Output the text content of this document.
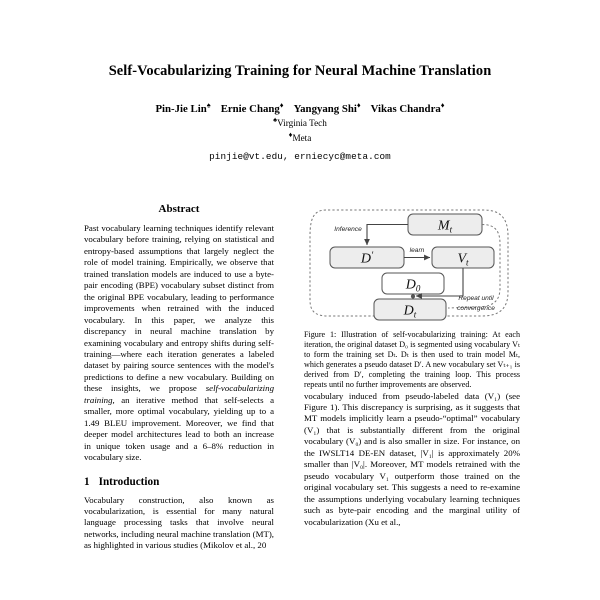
Self-Vocabularizing Training for Neural Machine Translation
Pin-Jie Lin♠ Ernie Chang♦ Yangyang Shi♦ Vikas Chandra♦
♠Virginia Tech
♦Meta
pinjie@vt.edu, erniecyc@meta.com
Abstract

Past vocabulary learning techniques identify relevant vocabulary before training, relying on statistical and entropy-based assumptions that largely neglect the role of model training. Empirically, we observe that trained translation models are induced to use a byte-pair encoding (BPE) vocabulary subset distinct from the original BPE vocabulary, leading to performance improvements when retrained with the induced vocabulary. In this paper, we analyze this discrepancy in neural machine translation by examining vocabulary and entropy shifts during self-training—where each iteration generates a labeled dataset by pairing source sentences with the model's predictions to define a new vocabulary. Building on these insights, we propose self-vocabularizing training, an iterative method that self-selects a smaller, more optimal vocabulary, yielding up to a 1.49 BLEU improvement. Moreover, we find that deeper model architectures lead to both an increase in unique token usage and a 6–8% reduction in vocabulary size.

1 Introduction

Vocabulary construction, also known as vocabularization, is essential for many natural language processing tasks that involve neural networks, including neural machine translation (MT), as highlighted in various studies (Mikolov et al., 20

$M_t$
D′	$V_t$
$D_0$
$D_t$
Inference
learn
Repeat until
convergence

Figure 1: Illustration of self-vocabularizing training: At each iteration, the original dataset D₀ is segmented using vocabulary Vₜ to form the training set Dₜ. Dₜ is then used to train model Mₜ, which generates a pseudo dataset D′. A new vocabulary set Vₜ₊₁ is derived from D′, completing the training loop. This process repeats until no further improvements are observed.

vocabulary induced from pseudo-labeled data (V₁) (see Figure 1). This discrepancy is surprising, as it suggests that MT models implicitly learn a pseudo-“optimal” vocabulary (V₁) that is substantially different from the original vocabulary (V₀) and is also smaller in size. For instance, on the IWSLT14 DE-EN dataset, |V₁| is approximately 20% smaller than |V₀|. Moreover, MT models retrained with the pseudo vocabulary V₁ outperform those trained on the original vocabulary set. This suggests a need to re-examine the assumptions underlying vocabulary learning techniques such as byte-pair encoding and the marginal utility of vocabularization (Xu et al.,
